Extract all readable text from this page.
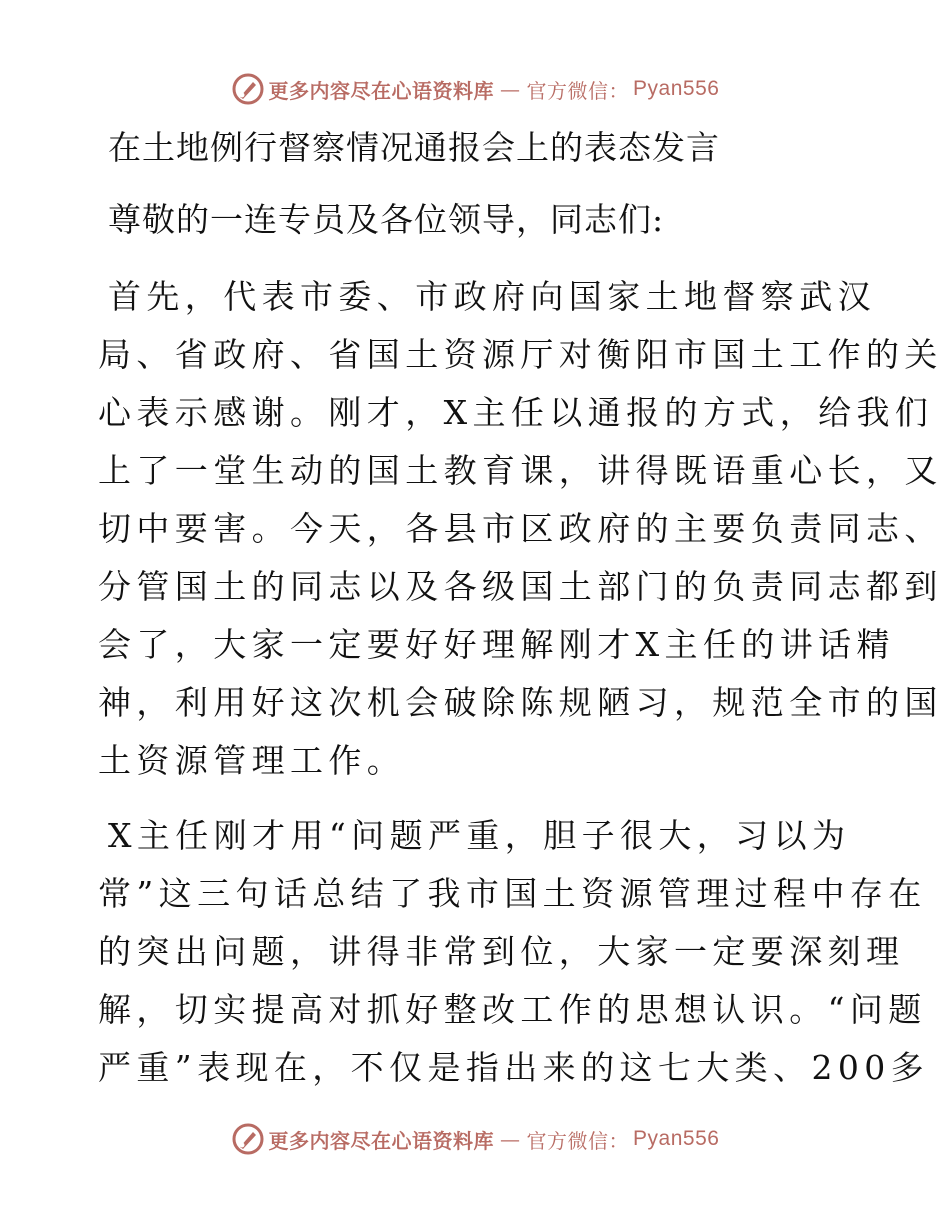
更多内容尽在心语资料库 — 官方微信： Pyan556
在土地例行督察情况通报会上的表态发言
尊敬的一连专员及各位领导，同志们:
首先，代表市委、市政府向国家土地督察武汉
局、省政府、省国土资源厅对衡阳市国土工作的关
心表示感谢。刚才，X主任以通报的方式，给我们
上了一堂生动的国土教育课，讲得既语重心长，又
切中要害。今天，各县市区政府的主要负责同志、
分管国土的同志以及各级国土部门的负责同志都到
会了，大家一定要好好理解刚才X主任的讲话精
神，利用好这次机会破除陈规陋习，规范全市的国
土资源管理工作。
X主任刚才用“问题严重，胆子很大，习以为
常”这三句话总结了我市国土资源管理过程中存在
的突出问题，讲得非常到位，大家一定要深刻理
解，切实提高对抓好整改工作的思想认识。“问题
严重”表现在，不仅是指出来的这七大类、200多
更多内容尽在心语资料库 — 官方微信： Pyan556
